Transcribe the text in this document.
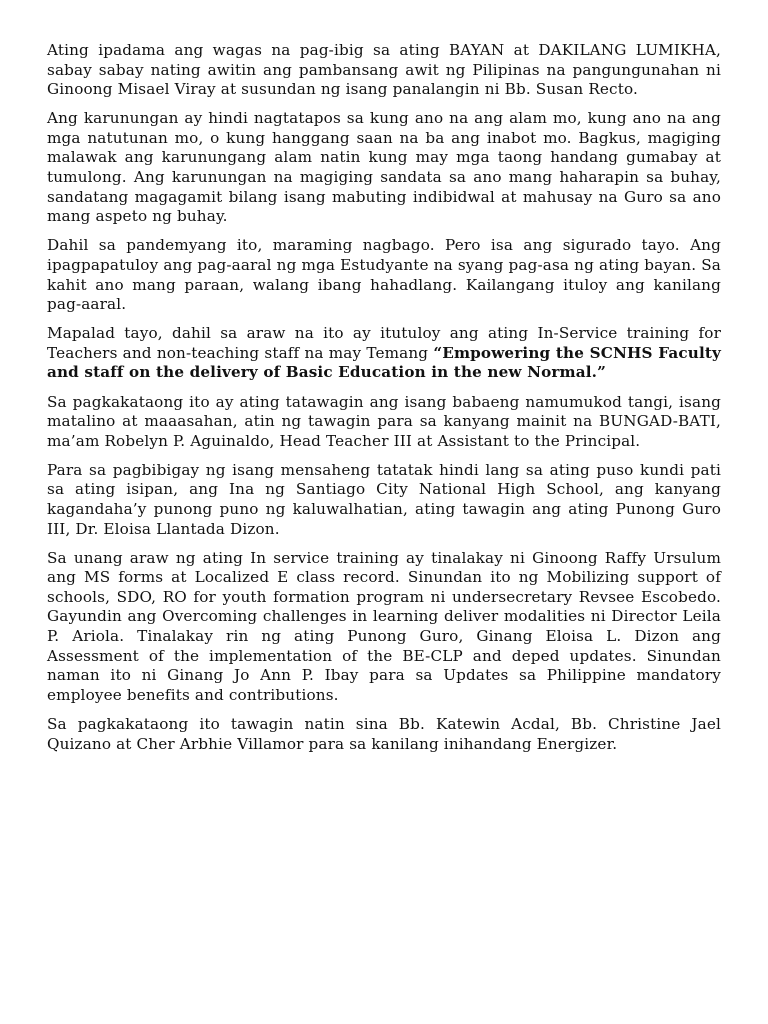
Ating ipadama ang wagas na pag-ibig sa ating BAYAN at DAKILANG LUMIKHA, sabay sabay nating awitin ang pambansang awit ng Pilipinas na pangungunahan ni Ginoong Misael Viray at susundan ng isang panalangin ni Bb. Susan Recto.

Ang karunungan ay hindi nagtatapos sa kung ano na ang alam mo, kung ano na ang mga natutunan mo, o kung hanggang saan na ba ang inabot mo. Bagkus, magiging malawak ang karunungang alam natin kung may mga taong handang gumabay at tumulong. Ang karunungan na magiging sandata sa ano mang haharapin sa buhay, sandatang magagamit bilang isang mabuting indibidwal at mahusay na Guro sa ano mang aspeto ng buhay.

Dahil sa pandemyang ito, maraming nagbago. Pero isa ang sigurado tayo. Ang ipagpapatuloy ang pag-aaral ng mga Estudyante na syang pag-asa ng ating bayan. Sa kahit ano mang paraan, walang ibang hahadlang. Kailangang ituloy ang kanilang pag-aaral.

Mapalad tayo, dahil sa araw na ito ay itutuloy ang ating In-Service training for Teachers and non-teaching staff na may Temang “Empowering the SCNHS Faculty and staff on the delivery of Basic Education in the new Normal.”

Sa pagkakataong ito ay ating tatawagin ang isang babaeng namumukod tangi, isang matalino at maaasahan, atin ng tawagin para sa kanyang mainit na BUNGAD-BATI, ma’am Robelyn P. Aguinaldo, Head Teacher III at Assistant to the Principal.

Para sa pagbibigay ng isang mensaheng tatatak hindi lang sa ating puso kundi pati sa ating isipan, ang Ina ng Santiago City National High School, ang kanyang kagandaha’y punong puno ng kaluwalhatian, ating tawagin ang ating Punong Guro III, Dr. Eloisa Llantada Dizon.

Sa unang araw ng ating In service training ay tinalakay ni Ginoong Raffy Ursulum ang MS forms at Localized E class record. Sinundan ito ng Mobilizing support of schools, SDO, RO for youth formation program ni undersecretary Revsee Escobedo. Gayundin ang Overcoming challenges in learning deliver modalities ni Director Leila P. Ariola. Tinalakay rin ng ating Punong Guro, Ginang Eloisa L. Dizon ang Assessment of the implementation of the BE-CLP and deped updates. Sinundan naman ito ni Ginang Jo Ann P. Ibay para sa Updates sa Philippine mandatory employee benefits and contributions.

Sa pagkakataong ito tawagin natin sina Bb. Katewin Acdal, Bb. Christine Jael Quizano at Cher Arbhie Villamor para sa kanilang inihandang Energizer.
